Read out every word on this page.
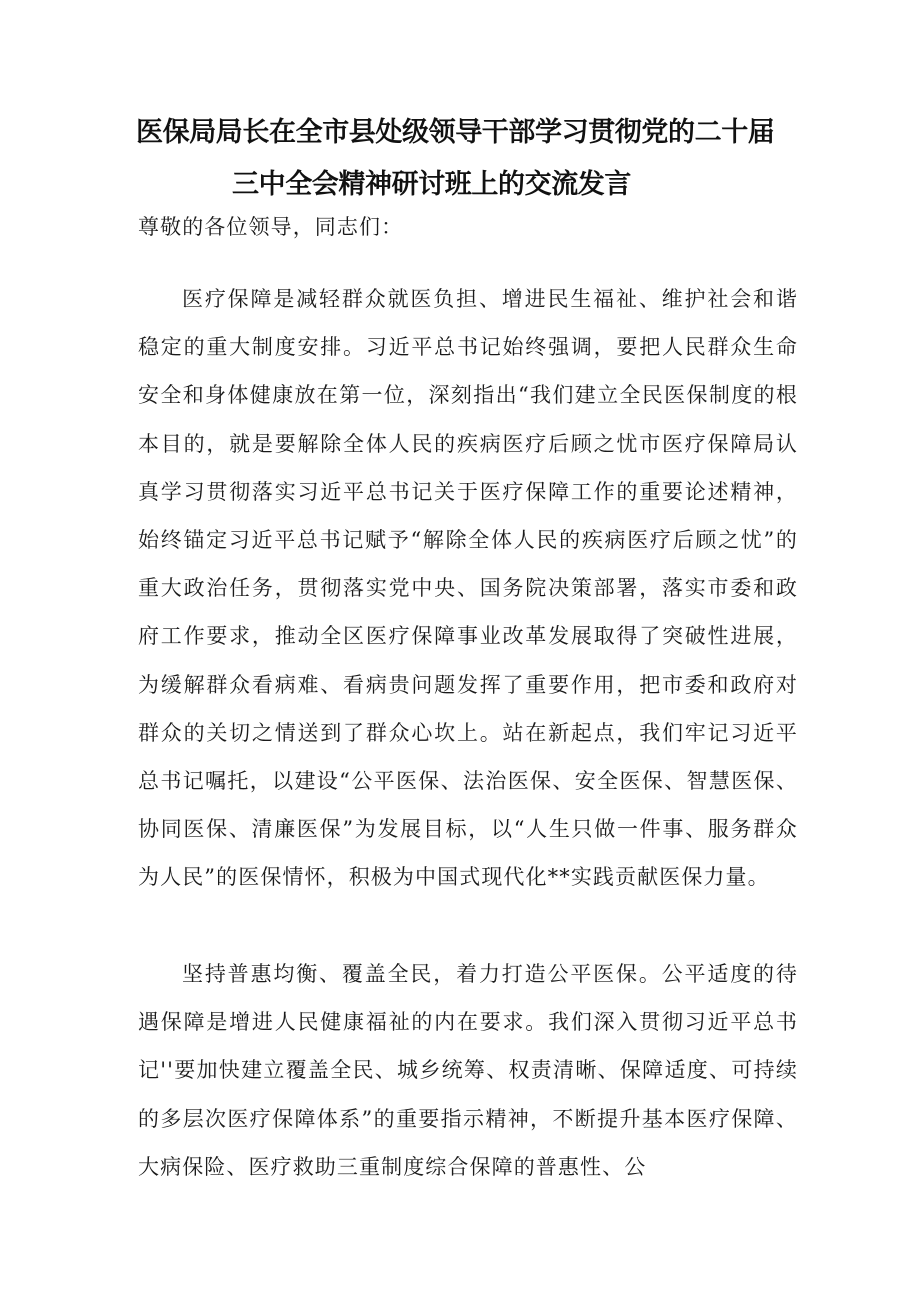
医保局局长在全市县处级领导干部学习贯彻党的二十届
三中全会精神研讨班上的交流发言

尊敬的各位领导，同志们：

医疗保障是减轻群众就医负担、增进民生福祉、维护社会和谐稳定的重大制度安排。习近平总书记始终强调，要把人民群众生命安全和身体健康放在第一位，深刻指出“我们建立全民医保制度的根本目的，就是要解除全体人民的疾病医疗后顾之忧市医疗保障局认真学习贯彻落实习近平总书记关于医疗保障工作的重要论述精神，始终锚定习近平总书记赋予“解除全体人民的疾病医疗后顾之忧”的重大政治任务，贯彻落实党中央、国务院决策部署，落实市委和政府工作要求，推动全区医疗保障事业改革发展取得了突破性进展，为缓解群众看病难、看病贵问题发挥了重要作用，把市委和政府对群众的关切之情送到了群众心坎上。站在新起点，我们牢记习近平总书记嘱托，以建设“公平医保、法治医保、安全医保、智慧医保、协同医保、清廉医保”为发展目标，以“人生只做一件事、服务群众为人民”的医保情怀，积极为中国式现代化**实践贡献医保力量。

坚持普惠均衡、覆盖全民，着力打造公平医保。公平适度的待遇保障是增进人民健康福祉的内在要求。我们深入贯彻习近平总书记''要加快建立覆盖全民、城乡统筹、权责清晰、保障适度、可持续的多层次医疗保障体系”的重要指示精神，不断提升基本医疗保障、大病保险、医疗救助三重制度综合保障的普惠性、公
